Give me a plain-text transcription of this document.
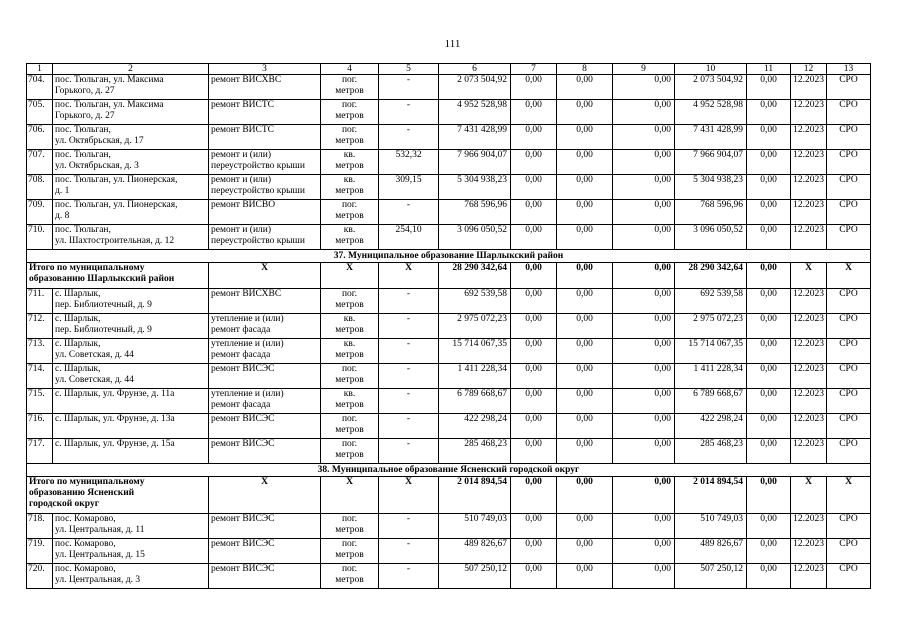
111
1	2	3	4	5	6	7	8	9	10	11	12	13
704.	пос. Тюльган, ул. Максима
Горького, д. 27	ремонт ВИСХВС	пог.
метров	-	2 073 504,92	0,00	0,00	0,00	2 073 504,92	0,00	12.2023	СРО
705.	пос. Тюльган, ул. Максима
Горького, д. 27	ремонт ВИСТС	пог.
метров	-	4 952 528,98	0,00	0,00	0,00	4 952 528,98	0,00	12.2023	СРО
706.	пос. Тюльган,
ул. Октябрьская, д. 17	ремонт ВИСТС	пог.
метров	-	7 431 428,99	0,00	0,00	0,00	7 431 428,99	0,00	12.2023	СРО
707.	пос. Тюльган,
ул. Октябрьская, д. 3	ремонт и (или)
переустройство крыши	кв.
метров	532,32	7 966 904,07	0,00	0,00	0,00	7 966 904,07	0,00	12.2023	СРО
708.	пос. Тюльган, ул. Пионерская,
д. 1	ремонт и (или)
переустройство крыши	кв.
метров	309,15	5 304 938,23	0,00	0,00	0,00	5 304 938,23	0,00	12.2023	СРО
709.	пос. Тюльган, ул. Пионерская,
д. 8	ремонт ВИСВО	пог.
метров	-	768 596,96	0,00	0,00	0,00	768 596,96	0,00	12.2023	СРО
710.	пос. Тюльган,
ул. Шахтостроительная, д. 12	ремонт и (или)
переустройство крыши	кв.
метров	254,10	3 096 050,52	0,00	0,00	0,00	3 096 050,52	0,00	12.2023	СРО
37. Муниципальное образование Шарлыкский район												

Итого по муниципальному
образованию Шарлыкский район		X	X	X	28 290 342,64	0,00	0,00	0,00	28 290 342,64	0,00	X	X
711.	с. Шарлык,
пер. Библиотечный, д. 9	ремонт ВИСХВС	пог.
метров	-	692 539,58	0,00	0,00	0,00	692 539,58	0,00	12.2023	СРО
712.	с. Шарлык,
пер. Библиотечный, д. 9	утепление и (или)
ремонт фасада	кв.
метров	-	2 975 072,23	0,00	0,00	0,00	2 975 072,23	0,00	12.2023	СРО
713.	с. Шарлык,
ул. Советская, д. 44	утепление и (или)
ремонт фасада	кв.
метров	-	15 714 067,35	0,00	0,00	0,00	15 714 067,35	0,00	12.2023	СРО
714.	с. Шарлык,
ул. Советская, д. 44	ремонт ВИСЭС	пог.
метров	-	1 411 228,34	0,00	0,00	0,00	1 411 228,34	0,00	12.2023	СРО
715.	с. Шарлык, ул. Фрунзе, д. 11а	утепление и (или)
ремонт фасада	кв.
метров	-	6 789 668,67	0,00	0,00	0,00	6 789 668,67	0,00	12.2023	СРО
716.	с. Шарлык, ул. Фрунзе, д. 13а	ремонт ВИСЭС	пог.
метров	-	422 298,24	0,00	0,00	0,00	422 298,24	0,00	12.2023	СРО
717.	с. Шарлык, ул. Фрунзе, д. 15а	ремонт ВИСЭС	пог.
метров	-	285 468,23	0,00	0,00	0,00	285 468,23	0,00	12.2023	СРО
38. Муниципальное образование Ясненский городской округ												

Итого по муниципальному
образованию Ясненский
городской округ		X	X	X	2 014 894,54	0,00	0,00	0,00	2 014 894,54	0,00	X	X
718.	пос. Комарово,
ул. Центральная, д. 11	ремонт ВИСЭС	пог.
метров	-	510 749,03	0,00	0,00	0,00	510 749,03	0,00	12.2023	СРО
719.	пос. Комарово,
ул. Центральная, д. 15	ремонт ВИСЭС	пог.
метров	-	489 826,67	0,00	0,00	0,00	489 826,67	0,00	12.2023	СРО
720.	пос. Комарово,
ул. Центральная, д. 3	ремонт ВИСЭС	пог.
метров	-	507 250,12	0,00	0,00	0,00	507 250,12	0,00	12.2023	СРО
